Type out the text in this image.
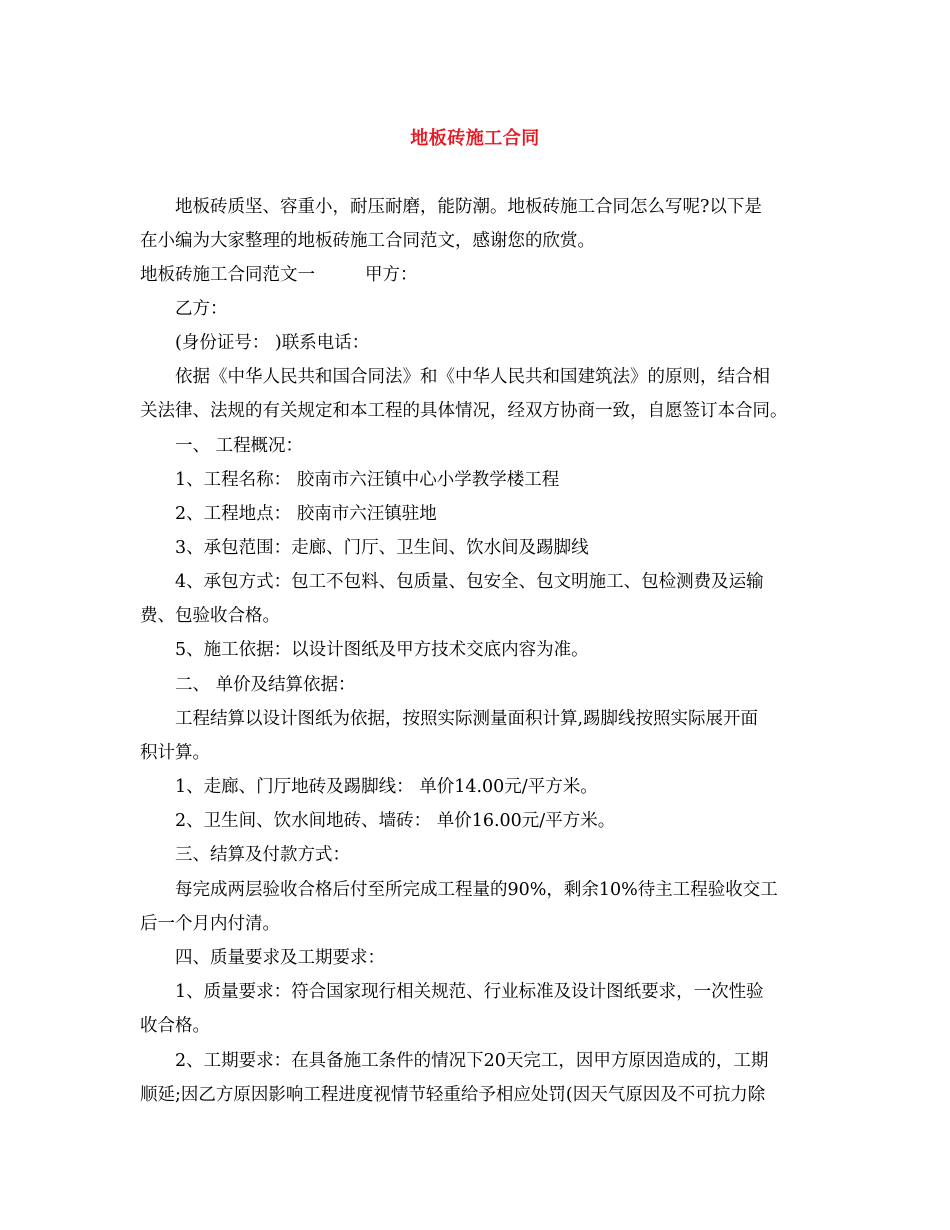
地板砖施工合同
地板砖质坚、容重小，耐压耐磨，能防潮。地板砖施工合同怎么写呢?以下是
在小编为大家整理的地板砖施工合同范文，感谢您的欣赏。
地板砖施工合同范文一	甲方：
乙方：
(身份证号： )联系电话：
依据《中华人民共和国合同法》和《中华人民共和国建筑法》的原则，结合相
关法律、法规的有关规定和本工程的具体情况，经双方协商一致，自愿签订本合同。
一、 工程概况：
1、工程名称： 胶南市六汪镇中心小学教学楼工程
2、工程地点： 胶南市六汪镇驻地
3、承包范围：走廊、门厅、卫生间、饮水间及踢脚线
4、承包方式：包工不包料、包质量、包安全、包文明施工、包检测费及运输
费、包验收合格。
5、施工依据：以设计图纸及甲方技术交底内容为准。
二、 单价及结算依据：
工程结算以设计图纸为依据，按照实际测量面积计算,踢脚线按照实际展开面
积计算。
1、走廊、门厅地砖及踢脚线： 单价14.00元/平方米。
2、卫生间、饮水间地砖、墙砖： 单价16.00元/平方米。
三、结算及付款方式：
每完成两层验收合格后付至所完成工程量的90%，剩余10%待主工程验收交工
后一个月内付清。
四、质量要求及工期要求：
1、质量要求：符合国家现行相关规范、行业标准及设计图纸要求，一次性验
收合格。
2、工期要求：在具备施工条件的情况下20天完工，因甲方原因造成的，工期
顺延;因乙方原因影响工程进度视情节轻重给予相应处罚(因天气原因及不可抗力除
